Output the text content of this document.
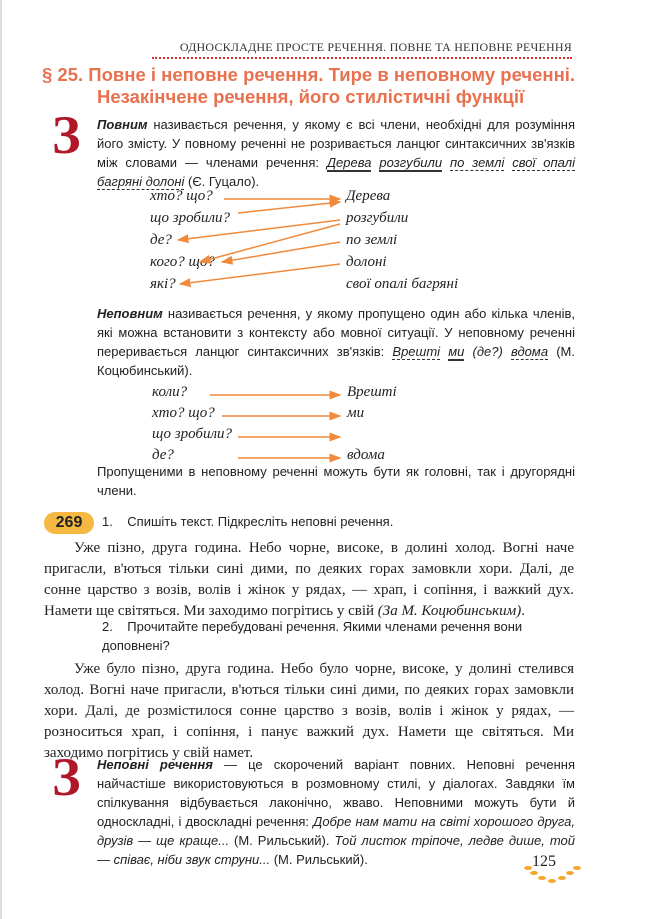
ОДНОСКЛАДНЕ ПРОСТЕ РЕЧЕННЯ. ПОВНЕ ТА НЕПОВНЕ РЕЧЕННЯ
§ 25. Повне і неповне речення. Тире в неповному реченні.
Незакінчене речення, його стилістичні функції
З Повним називається речення, у якому є всі члени, необхідні для розуміння його змісту. У повному реченні не розривається ланцюг синтаксичних зв'язків між словами — членами речення: Дерева розгубили по землі свої опалі багряні долоні (Є. Гуцало).
хто? що?
що зробили?
де?
кого? що?
які?
Дерева
розгубили
по землі
долоні
свої опалі багряні
коли?
хто? що?
що зробили?
де?
Врешті
ми
вдома
Неповним називається речення, у якому пропущено один або кілька членів, які можна встановити з контексту або мовної ситуації. У неповному реченні переривається ланцюг синтаксичних зв'язків: Врешті ми (де?) вдома (М. Коцюбинський).
Пропущеними в неповному реченні можуть бути як головні, так і другорядні члени.
269	1. Спишіть текст. Підкресліть неповні речення.
Уже пізно, друга година. Небо чорне, високе, в долині холод. Вогні наче пригасли, в'ються тільки сині дими, по деяких горах замовкли хори. Далі, де сонне царство з возів, волів і жінок у рядах, — храп, і сопіння, і важкий дух. Намети ще світяться. Ми заходимо погрітись у свій (За М. Коцюбинським).
2. Прочитайте перебудовані речення. Якими членами речення вони доповнені?
Уже було пізно, друга година. Небо було чорне, високе, у долині стелився холод. Вогні наче пригасли, в'ються тільки сині дими, по деяких горах замовкли хори. Далі, де розмістилося сонне царство з возів, волів і жінок у рядах, — розноситься храп, і сопіння, і панує важкий дух. Намети ще світяться. Ми заходимо погрітись у свій намет.
З Неповні речення — це скорочений варіант повних. Неповні речення найчастіше використовуються в розмовному стилі, у діалогах. Завдяки їм спілкування відбувається лаконічно, жваво. Неповними можуть бути й односкладні, і двоскладні речення: Добре нам мати на світі хорошого друга, друзів — ще краще... (М. Рильський). Той листок тріпоче, ледве дише, той — співає, ніби звук струни... (М. Рильський).	125
